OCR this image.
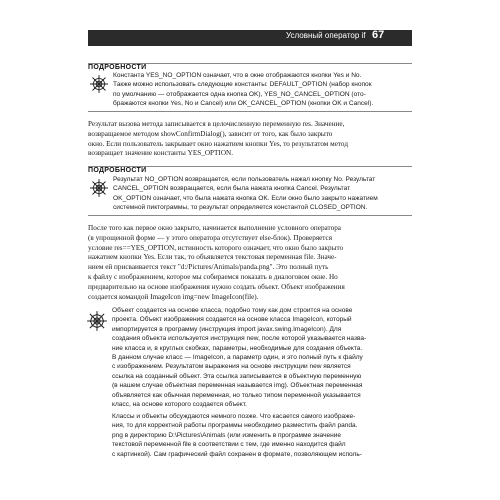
Условный оператор if 67
ПОДРОБНОСТИ
Константа YES_NO_OPTION означает, что в окне отображаются кнопки Yes и No.
Также можно использовать следующие константы: DEFAULT_OPTION (набор кнопок
по умолчанию — отображается одна кнопка OK), YES_NO_CANCEL_OPTION (ото-
бражаются кнопки Yes, No и Cancel) или OK_CANCEL_OPTION (кнопки OK и Cancel).
Результат вызова метода записывается в целочисленную переменную res. Значение,
возвращаемое методом showConfirmDialog(), зависит от того, как было закрыто
окно. Если пользователь закрывает окно нажатием кнопки Yes, то результатом метод
возвращает значение константы YES_OPTION.
ПОДРОБНОСТИ
Результат NO_OPTION возвращается, если пользователь нажал кнопку No. Результат
CANCEL_OPTION возвращается, если была нажата кнопка Cancel. Результат
OK_OPTION означает, что была нажата кнопка OK. Если окно было закрыто нажатием
системной пиктограммы, то результат определяется константой CLOSED_OPTION.
После того как первое окно закрыто, начинается выполнение условного оператора
(в упрощенной форме — у этого оператора отсутствует else-блок). Проверяется
условие res==YES_OPTION, истинность которого означает, что окно было закрыто
нажатием кнопки Yes. Если так, то объявляется текстовая переменная file. Значе-
нием ей присваивается текст "d:/Pictures/Animals/panda.png". Это полный путь
к файлу с изображением, которое мы собираемся показать в диалоговом окне. Но
предварительно на основе изображения нужно создать объект. Объект изображения
создается командой ImageIcon img=new ImageIcon(file).
Объект создается на основе класса, подобно тому как дом строится на основе
проекта. Объект изображения создается на основе класса ImageIcon, который
импортируется в программу (инструкция import javax.swing.ImageIcon). Для
создания объекта используется инструкция new, после которой указывается назва-
ние класса и, в круглых скобках, параметры, необходимые для создания объекта.
В данном случае класс — ImageIcon, а параметр один, и это полный путь к файлу
с изображением. Результатом выражения на основе инструкции new является
ссылка на созданный объект. Эта ссылка записывается в объектную переменную
(в нашем случае объектная переменная называется img). Объектная переменная
объявляется как обычная переменная, но только типом переменной указывается
класс, на основе которого создается объект.
Классы и объекты обсуждаются немного позже. Что касается самого изображе-
ния, то для корректной работы программы необходимо разместить файл panda.
png в директорию D:\Pictures\Animals (или изменить в программе значение
текстовой переменной file в соответствии с тем, где именно находится файл
с картинкой). Сам графический файл сохранен в формате, позволяющем исполь-
